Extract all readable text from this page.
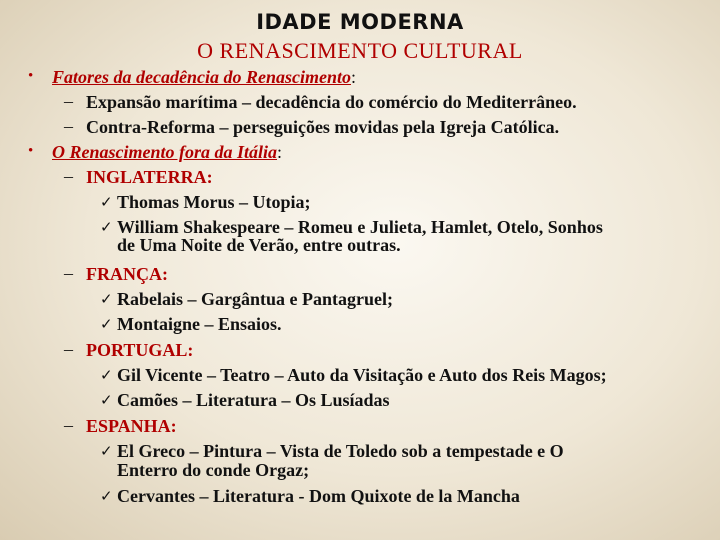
IDADE MODERNA
O RENASCIMENTO CULTURAL
• Fatores da decadência do Renascimento:
– Expansão marítima – decadência do comércio do Mediterrâneo.
– Contra-Reforma – perseguições movidas pela Igreja Católica.
• O Renascimento fora da Itália:
– INGLATERRA:
✓ Thomas Morus – Utopia;
✓ William Shakespeare – Romeu e Julieta, Hamlet, Otelo, Sonhos
de Uma Noite de Verão, entre outras.
– FRANÇA:
✓ Rabelais – Gargântua e Pantagruel;
✓ Montaigne – Ensaios.
– PORTUGAL:
✓ Gil Vicente – Teatro – Auto da Visitação e Auto dos Reis Magos;
✓ Camões – Literatura – Os Lusíadas
– ESPANHA:
✓ El Greco – Pintura – Vista de Toledo sob a tempestade e O
Enterro do conde Orgaz;
✓ Cervantes – Literatura - Dom Quixote de la Mancha
